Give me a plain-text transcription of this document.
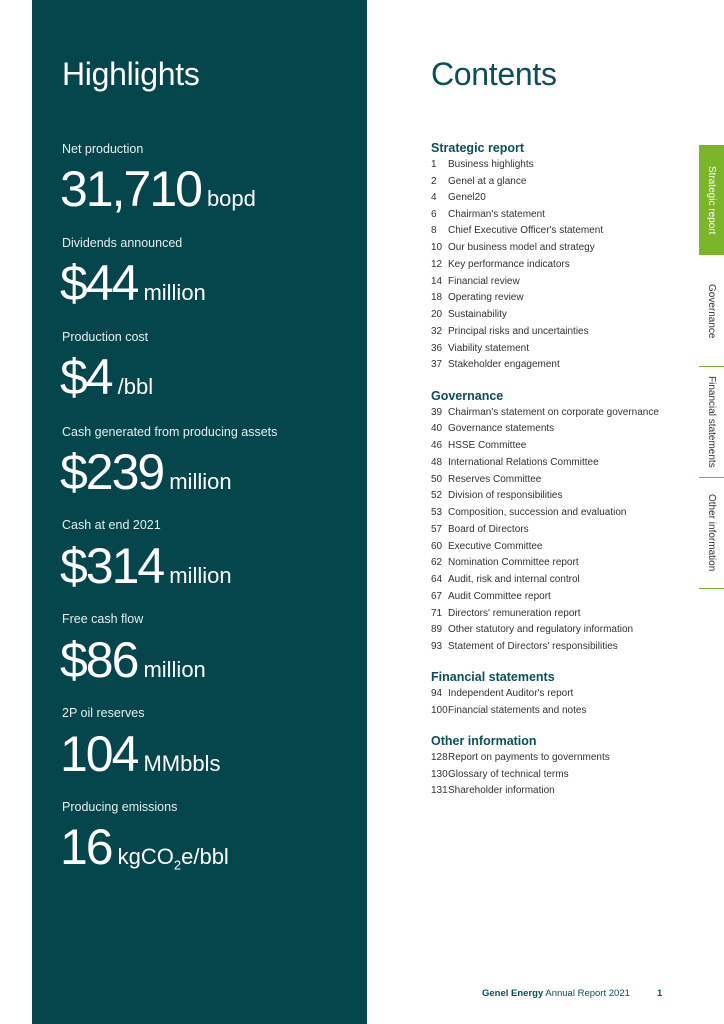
Highlights
Net production
31,710 bopd
Dividends announced
$44 million
Production cost
$4 /bbl
Cash generated from producing assets
$239 million
Cash at end 2021
$314 million
Free cash flow
$86 million
2P oil reserves
104 MMbbls
Producing emissions
16 kgCO$_2$e/bbl
Contents
Strategic report
1 Business highlights
2 Genel at a glance
4 Genel20
6 Chairman's statement
8 Chief Executive Officer's statement
10 Our business model and strategy
12 Key performance indicators
14 Financial review
18 Operating review
20 Sustainability
32 Principal risks and uncertainties
36 Viability statement
37 Stakeholder engagement
Governance
39 Chairman's statement on corporate governance
40 Governance statements
46 HSSE Committee
48 International Relations Committee
50 Reserves Committee
52 Division of responsibilities
53 Composition, succession and evaluation
57 Board of Directors
60 Executive Committee
62 Nomination Committee report
64 Audit, risk and internal control
67 Audit Committee report
71 Directors' remuneration report
89 Other statutory and regulatory information
93 Statement of Directors' responsibilities
Financial statements
94 Independent Auditor's report
100Financial statements and notes
Other information
128Report on payments to governments
130Glossary of technical terms
131Shareholder information
Strategic report
Governance
Financial statements
Other information
Genel Energy Annual Report 2021	1
